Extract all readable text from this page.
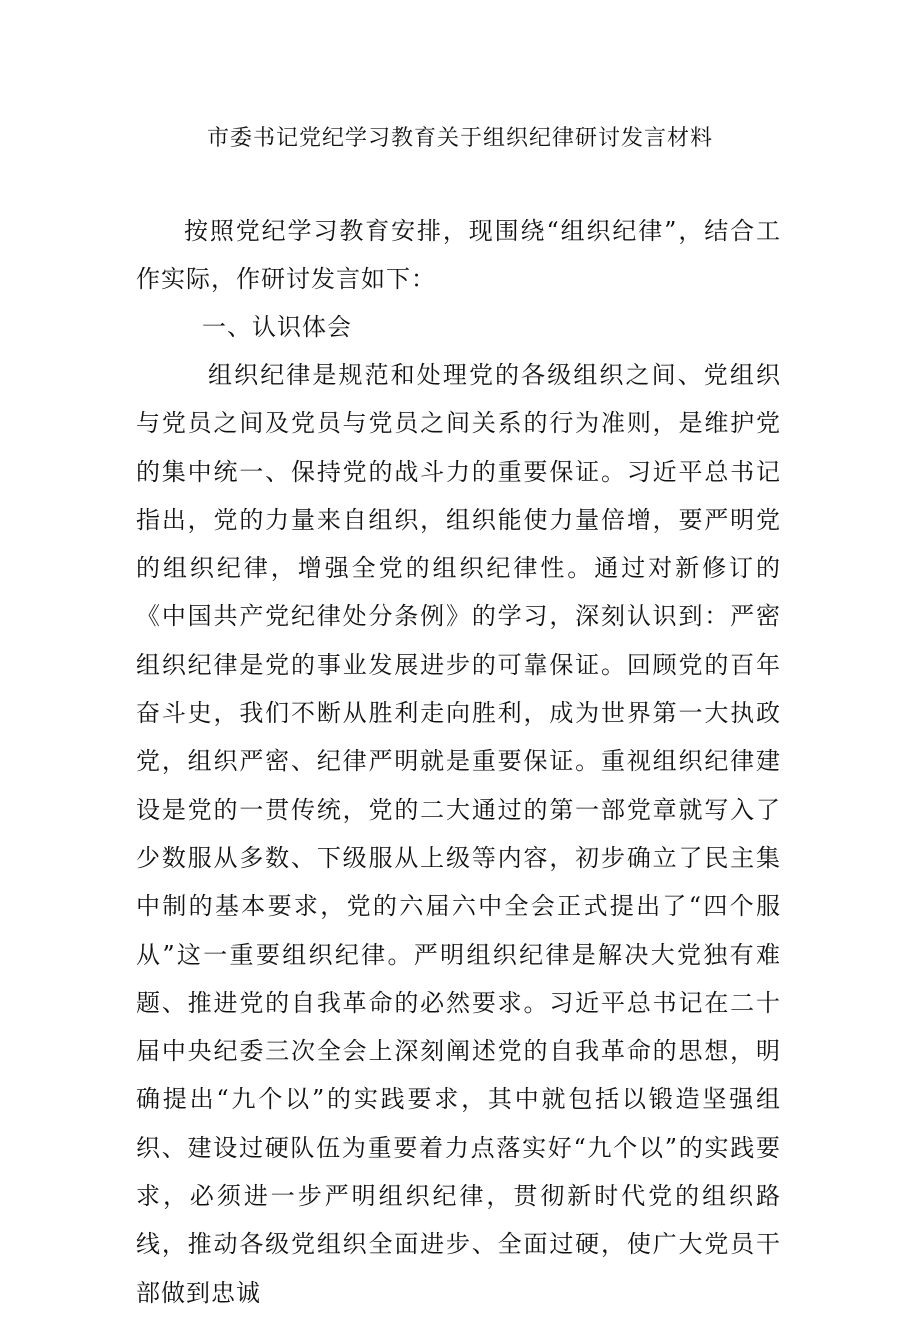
市委书记党纪学习教育关于组织纪律研讨发言材料

按照党纪学习教育安排，现围绕“组织纪律”，结合工作实际，作研讨发言如下：

一、认识体会

组织纪律是规范和处理党的各级组织之间、党组织与党员之间及党员与党员之间关系的行为准则，是维护党的集中统一、保持党的战斗力的重要保证。习近平总书记指出，党的力量来自组织，组织能使力量倍增，要严明党的组织纪律，增强全党的组织纪律性。通过对新修订的《中国共产党纪律处分条例》的学习，深刻认识到：严密组织纪律是党的事业发展进步的可靠保证。回顾党的百年奋斗史，我们不断从胜利走向胜利，成为世界第一大执政党，组织严密、纪律严明就是重要保证。重视组织纪律建设是党的一贯传统，党的二大通过的第一部党章就写入了少数服从多数、下级服从上级等内容，初步确立了民主集中制的基本要求，党的六届六中全会正式提出了“四个服从”这一重要组织纪律。严明组织纪律是解决大党独有难题、推进党的自我革命的必然要求。习近平总书记在二十届中央纪委三次全会上深刻阐述党的自我革命的思想，明确提出“九个以”的实践要求，其中就包括以锻造坚强组织、建设过硬队伍为重要着力点落实好“九个以”的实践要求，必须进一步严明组织纪律，贯彻新时代党的组织路线，推动各级党组织全面进步、全面过硬，使广大党员干部做到忠诚
